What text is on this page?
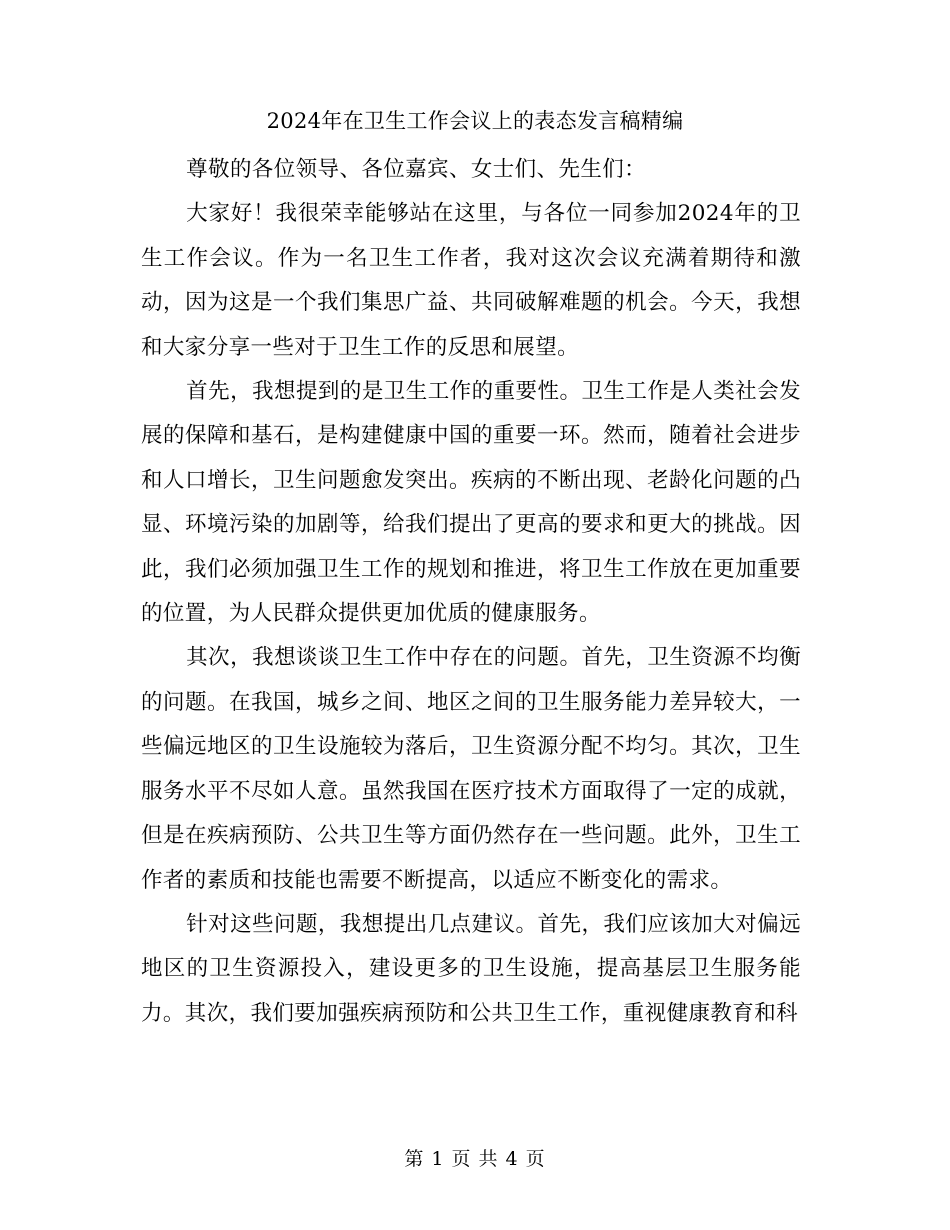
2024年在卫生工作会议上的表态发言稿精编

尊敬的各位领导、各位嘉宾、女士们、先生们：

大家好！我很荣幸能够站在这里，与各位一同参加2024年的卫生工作会议。作为一名卫生工作者，我对这次会议充满着期待和激动，因为这是一个我们集思广益、共同破解难题的机会。今天，我想和大家分享一些对于卫生工作的反思和展望。

首先，我想提到的是卫生工作的重要性。卫生工作是人类社会发展的保障和基石，是构建健康中国的重要一环。然而，随着社会进步和人口增长，卫生问题愈发突出。疾病的不断出现、老龄化问题的凸显、环境污染的加剧等，给我们提出了更高的要求和更大的挑战。因此，我们必须加强卫生工作的规划和推进，将卫生工作放在更加重要的位置，为人民群众提供更加优质的健康服务。

其次，我想谈谈卫生工作中存在的问题。首先，卫生资源不均衡的问题。在我国，城乡之间、地区之间的卫生服务能力差异较大，一些偏远地区的卫生设施较为落后，卫生资源分配不均匀。其次，卫生服务水平不尽如人意。虽然我国在医疗技术方面取得了一定的成就，但是在疾病预防、公共卫生等方面仍然存在一些问题。此外，卫生工作者的素质和技能也需要不断提高，以适应不断变化的需求。

针对这些问题，我想提出几点建议。首先，我们应该加大对偏远地区的卫生资源投入，建设更多的卫生设施，提高基层卫生服务能力。其次，我们要加强疾病预防和公共卫生工作，重视健康教育和科

第 1 页 共 4 页
